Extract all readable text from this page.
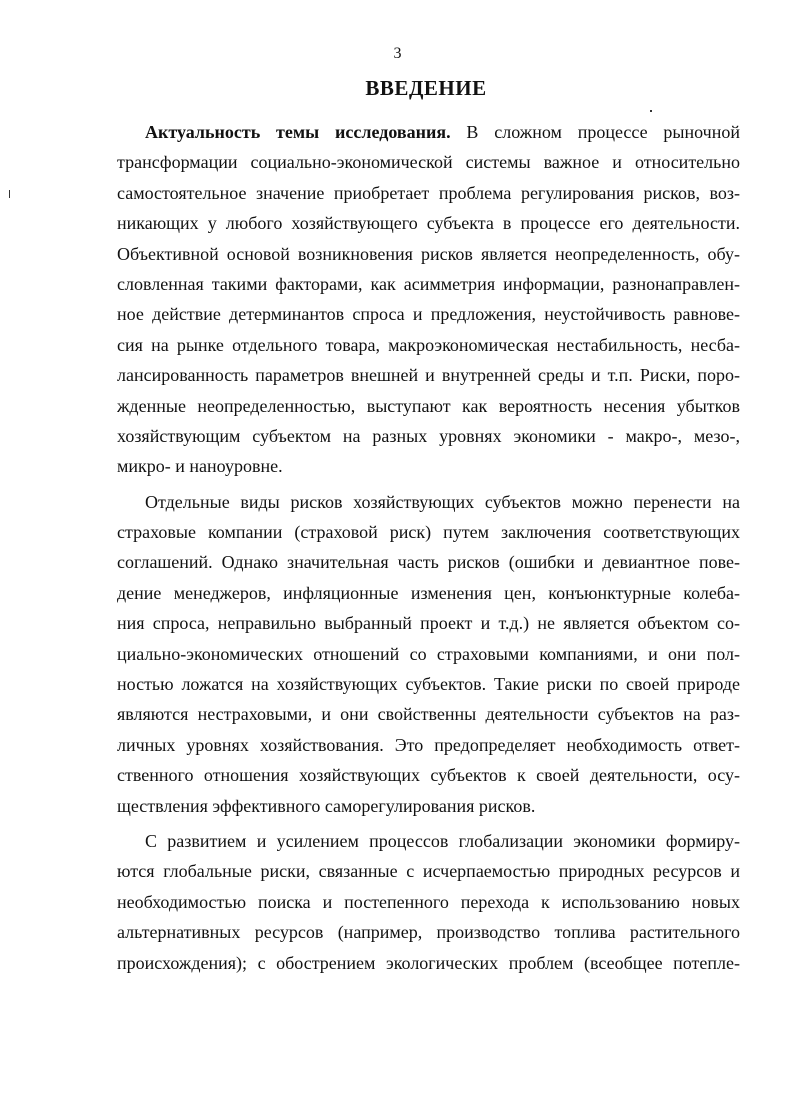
3
ВВЕДЕНИЕ
Актуальность темы исследования. В сложном процессе рыночной
трансформации социально-экономической системы важное и относительно
самостоятельное значение приобретает проблема регулирования рисков, воз-
никающих у любого хозяйствующего субъекта в процессе его деятельности.
Объективной основой возникновения рисков является неопределенность, обу-
словленная такими факторами, как асимметрия информации, разнонаправлен-
ное действие детерминантов спроса и предложения, неустойчивость равнове-
сия на рынке отдельного товара, макроэкономическая нестабильность, несба-
лансированность параметров внешней и внутренней среды и т.п. Риски, поро-
жденные неопределенностью, выступают как вероятность несения убытков
хозяйствующим субъектом на разных уровнях экономики - макро-, мезо-,
микро- и наноуровне.
Отдельные виды рисков хозяйствующих субъектов можно перенести на
страховые компании (страховой риск) путем заключения соответствующих
соглашений. Однако значительная часть рисков (ошибки и девиантное пове-
дение менеджеров, инфляционные изменения цен, конъюнктурные колеба-
ния спроса, неправильно выбранный проект и т.д.) не является объектом со-
циально-экономических отношений со страховыми компаниями, и они пол-
ностью ложатся на хозяйствующих субъектов. Такие риски по своей природе
являются нестраховыми, и они свойственны деятельности субъектов на раз-
личных уровнях хозяйствования. Это предопределяет необходимость ответ-
ственного отношения хозяйствующих субъектов к своей деятельности, осу-
ществления эффективного саморегулирования рисков.
С развитием и усилением процессов глобализации экономики формиру-
ются глобальные риски, связанные с исчерпаемостью природных ресурсов и
необходимостью поиска и постепенного перехода к использованию новых
альтернативных ресурсов (например, производство топлива растительного
происхождения); с обострением экологических проблем (всеобщее потепле-
